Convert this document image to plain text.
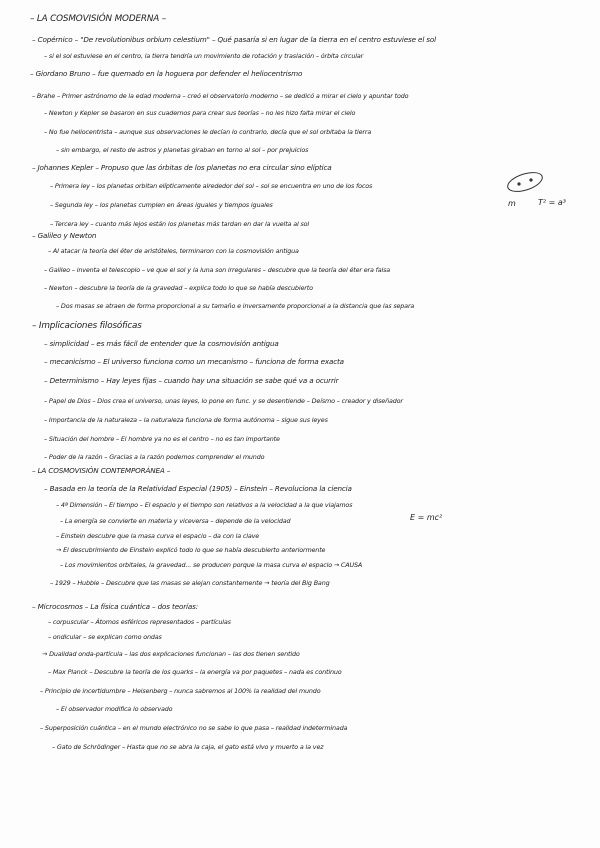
– LA COSMOVISIÓN MODERNA –
– Copérnico – "De revolutionibus orbium celestium" – Qué pasaría si en lugar de la tierra en el centro estuviese el sol
– si el sol estuviese en el centro, la tierra tendría un movimiento de rotación y traslación – órbita circular
– Giordano Bruno – fue quemado en la hoguera por defender el heliocentrismo
– Brahe – Primer astrónomo de la edad moderna – creó el observatorio moderno – se dedicó a mirar el cielo y apuntar todo
– Newton y Kepler se basaron en sus cuadernos para crear sus teorías – no les hizo falta mirar el cielo
– No fue heliocentrista – aunque sus observaciones le decían lo contrario, decía que el sol orbitaba la tierra
– sin embargo, el resto de astros y planetas giraban en torno al sol – por prejuicios
– Johannes Kepler – Propuso que las órbitas de los planetas no era circular sino elíptica
– Primera ley – los planetas orbitan elípticamente alrededor del sol – sol se encuentra en uno de los focos
– Segunda ley – los planetas cumplen en áreas iguales y tiempos iguales
– Tercera ley – cuanto más lejos están los planetas más tardan en dar la vuelta al sol
m	T² = a³
– Galileo y Newton
– Al atacar la teoría del éter de aristóteles, terminaron con la cosmovisión antigua
– Galileo – inventa el telescopio – ve que el sol y la luna son irregulares – descubre que la teoría del éter era falsa
– Newton – descubre la teoría de la gravedad – explica todo lo que se había descubierto
– Dos masas se atraen de forma proporcional a su tamaño e inversamente proporcional a la distancia que las separa
– Implicaciones filosóficas
– simplicidad – es más fácil de entender que la cosmovisión antigua
– mecanicismo – El universo funciona como un mecanismo – funciona de forma exacta
– Determinismo – Hay leyes fijas – cuando hay una situación se sabe qué va a ocurrir
– Papel de Dios – Dios crea el universo, unas leyes, lo pone en func. y se desentiende – Deísmo – creador y diseñador
– Importancia de la naturaleza – la naturaleza funciona de forma autónoma – sigue sus leyes
– Situación del hombre – El hombre ya no es el centro – no es tan importante
– Poder de la razón – Gracias a la razón podemos comprender el mundo
– LA COSMOVISIÓN CONTEMPORÁNEA –
– Basada en la teoría de la Relatividad Especial (1905) – Einstein – Revoluciona la ciencia
– 4ª Dimensión – El tiempo – El espacio y el tiempo son relativos a la velocidad a la que viajamos
– La energía se convierte en materia y viceversa – depende de la velocidad	E = mc²
– Einstein descubre que la masa curva el espacio – da con la clave
→ El descubrimiento de Einstein explicó todo lo que se había descubierto anteriormente
– Los movimientos orbitales, la gravedad... se producen porque la masa curva el espacio → CAUSA
– 1929 – Hubble – Descubre que las masas se alejan constantemente → teoría del Big Bang
– Microcosmos – La física cuántica – dos teorías:
– corpuscular – Átomos esféricos representados – partículas
– ondicular – se explican como ondas
→ Dualidad onda-partícula – las dos explicaciones funcionan – las dos tienen sentido
– Max Planck – Descubre la teoría de los quarks – la energía va por paquetes – nada es continuo
– Principio de incertidumbre – Heisenberg – nunca sabremos al 100% la realidad del mundo
– El observador modifica lo observado
– Superposición cuántica – en el mundo electrónico no se sabe lo que pasa – realidad indeterminada
– Gato de Schrödinger – Hasta que no se abra la caja, el gato está vivo y muerto a la vez
